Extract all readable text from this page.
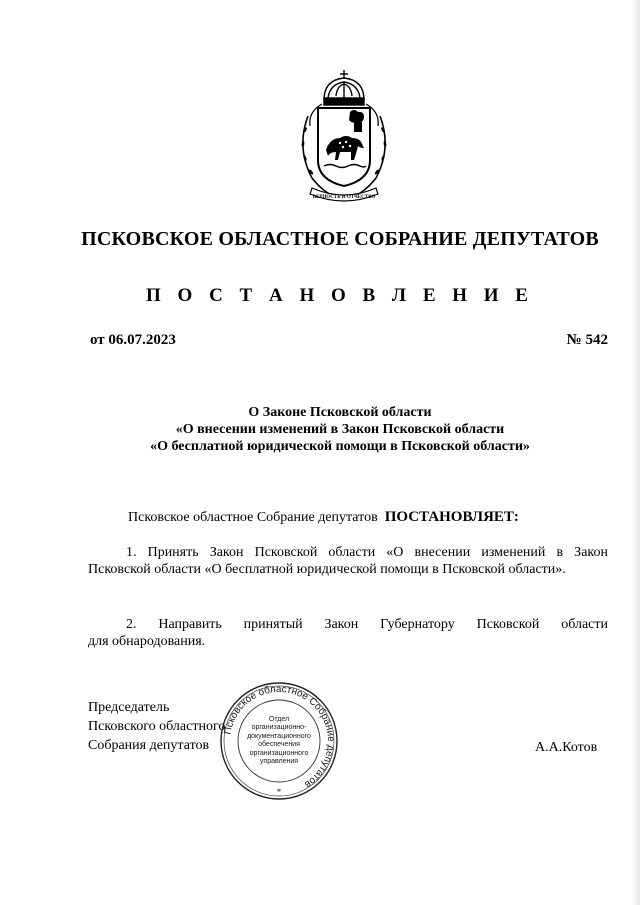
ВЕРНОСТЬ И ОТЧЕСТВО
ПСКОВСКОЕ ОБЛАСТНОЕ СОБРАНИЕ ДЕПУТАТОВ
П О С Т А Н О В Л Е Н И Е
от 06.07.2023	№ 542
О Законе Псковской области
«О внесении изменений в Закон Псковской области
«О бесплатной юридической помощи в Псковской области»
Псковское областное Собрание депутатов ПОСТАНОВЛЯЕТ:
1. Принять Закон Псковской области «О внесении изменений в Закон
Псковской области «О бесплатной юридической помощи в Псковской области».
2. Направить принятый Закон Губернатору Псковской области
для обнародования.
Председатель
Псковского областного
Собрания депутатов
Псковское областное Собрание депутатов
*
Отдел
организационно-
документационного
обеспечения
организационного
управления
А.А.Котов
